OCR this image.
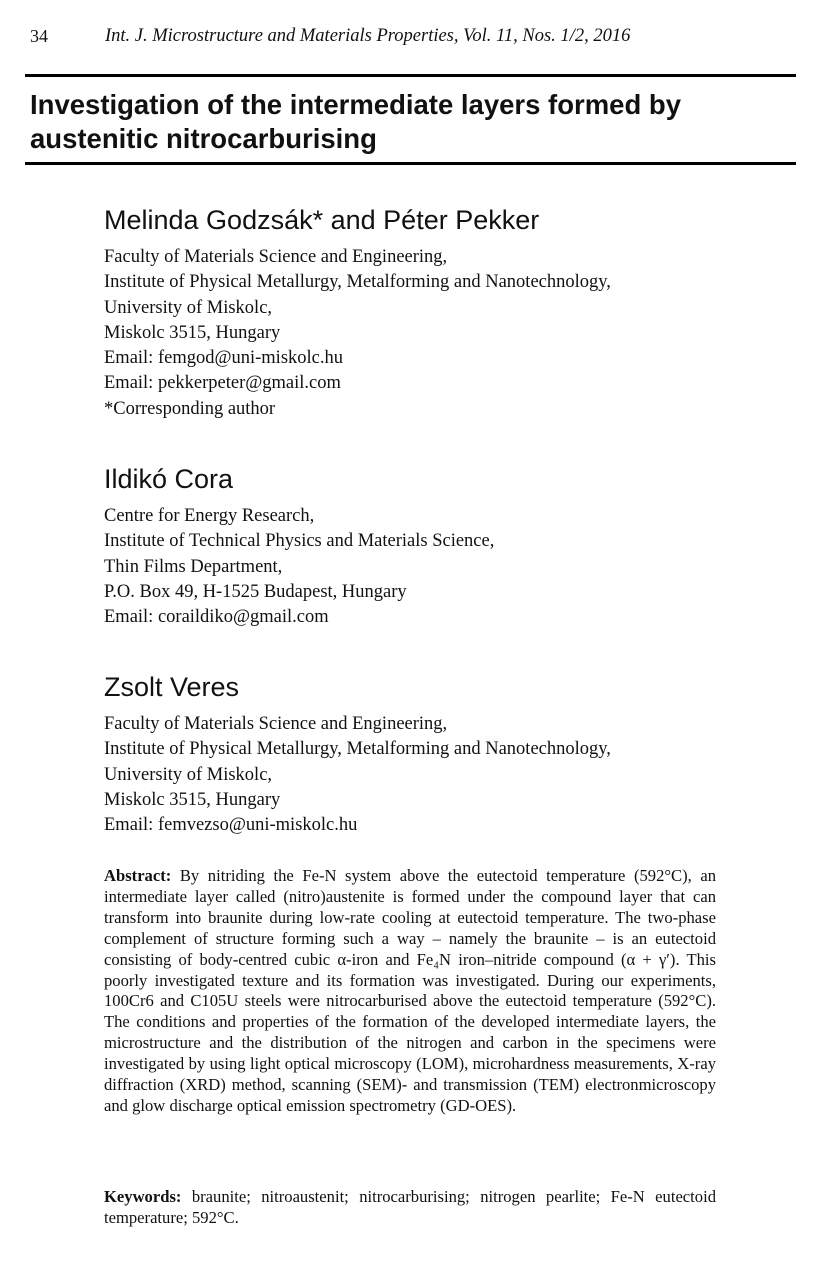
34	Int. J. Microstructure and Materials Properties, Vol. 11, Nos. 1/2, 2016
Investigation of the intermediate layers formed by
austenitic nitrocarburising
Melinda Godzsák* and Péter Pekker
Faculty of Materials Science and Engineering,
Institute of Physical Metallurgy, Metalforming and Nanotechnology,
University of Miskolc,
Miskolc 3515, Hungary
Email: femgod@uni-miskolc.hu
Email: pekkerpeter@gmail.com
*Corresponding author
Ildikó Cora
Centre for Energy Research,
Institute of Technical Physics and Materials Science,
Thin Films Department,
P.O. Box 49, H-1525 Budapest, Hungary
Email: coraildiko@gmail.com
Zsolt Veres
Faculty of Materials Science and Engineering,
Institute of Physical Metallurgy, Metalforming and Nanotechnology,
University of Miskolc,
Miskolc 3515, Hungary
Email: femvezso@uni-miskolc.hu

Abstract: By nitriding the Fe-N system above the eutectoid temperature (592°C), an intermediate layer called (nitro)austenite is formed under the compound layer that can transform into braunite during low-rate cooling at eutectoid temperature. The two-phase complement of structure forming such a way – namely the braunite – is an eutectoid consisting of body-centred cubic α-iron and Fe₄N iron–nitride compound (α + γ′). This poorly investigated texture and its formation was investigated. During our experiments, 100Cr6 and C105U steels were nitrocarburised above the eutectoid temperature (592°C). The conditions and properties of the formation of the developed intermediate layers, the microstructure and the distribution of the nitrogen and carbon in the specimens were investigated by using light optical microscopy (LOM), microhardness measurements, X-ray diffraction (XRD) method, scanning (SEM)- and transmission (TEM) electronmicroscopy and glow discharge optical emission spectrometry (GD-OES).

Keywords: braunite; nitroaustenit; nitrocarburising; nitrogen pearlite; Fe-N eutectoid temperature; 592°C.
